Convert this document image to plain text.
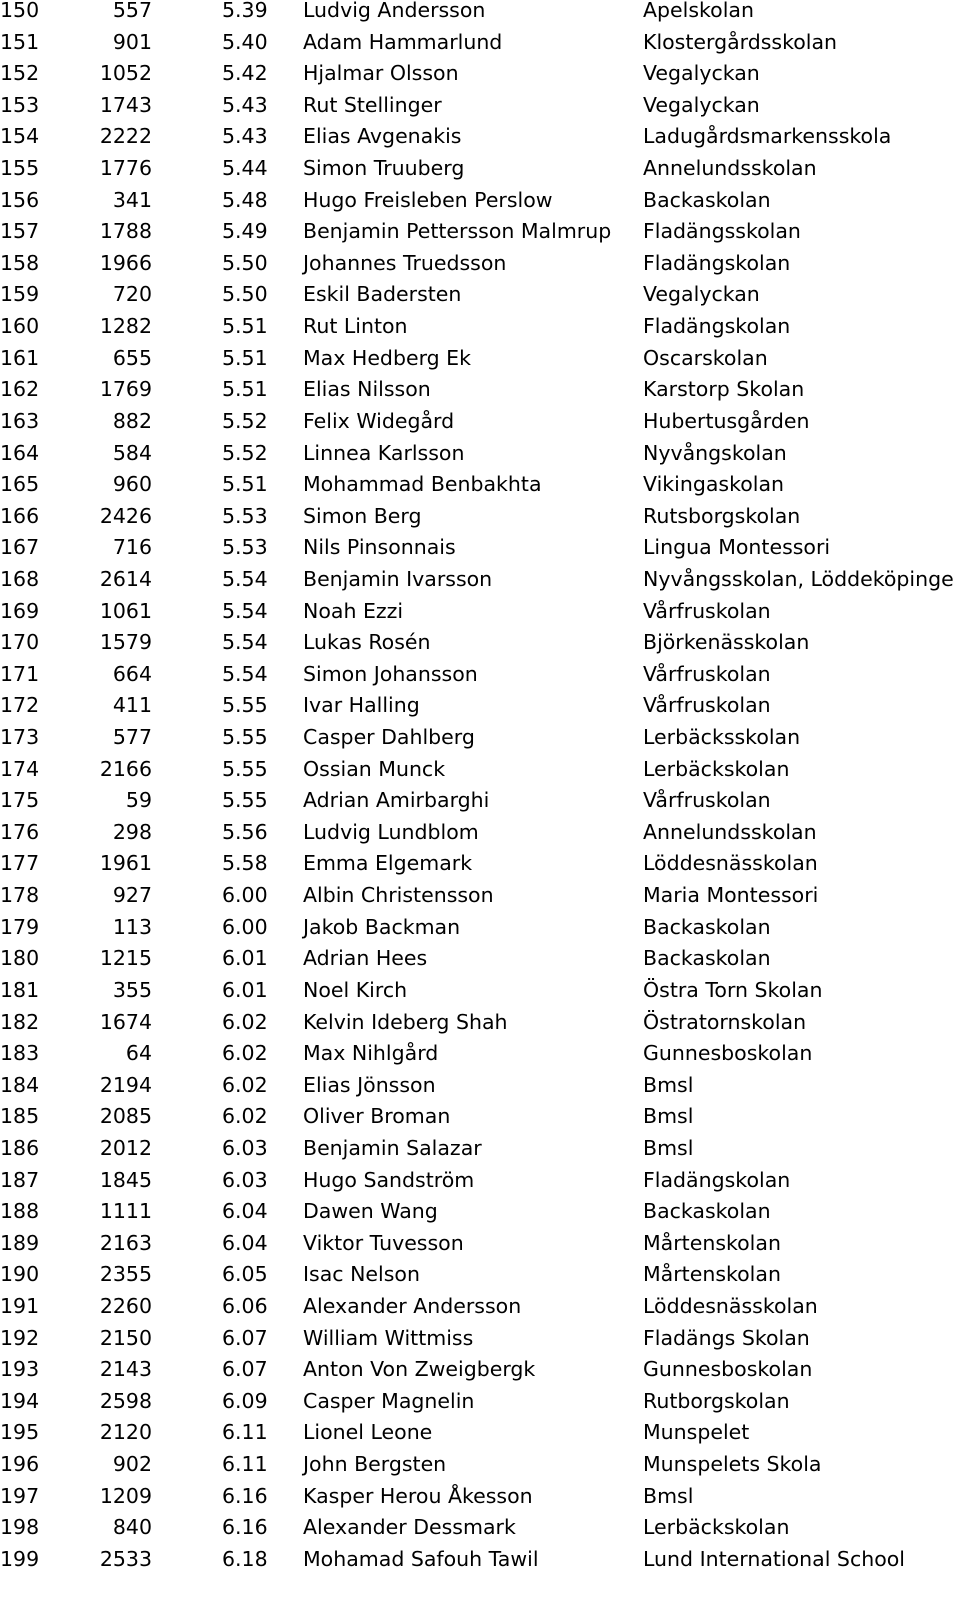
150	557	5.39	Ludvig Andersson	Apelskolan
151	901	5.40	Adam Hammarlund	Klostergårdsskolan
152	1052	5.42	Hjalmar Olsson	Vegalyckan
153	1743	5.43	Rut Stellinger	Vegalyckan
154	2222	5.43	Elias Avgenakis	Ladugårdsmarkensskola
155	1776	5.44	Simon Truuberg	Annelundsskolan
156	341	5.48	Hugo Freisleben Perslow	Backaskolan
157	1788	5.49	Benjamin Pettersson Malmrup	Fladängsskolan
158	1966	5.50	Johannes Truedsson	Fladängskolan
159	720	5.50	Eskil Badersten	Vegalyckan
160	1282	5.51	Rut Linton	Fladängskolan
161	655	5.51	Max Hedberg Ek	Oscarskolan
162	1769	5.51	Elias Nilsson	Karstorp Skolan
163	882	5.52	Felix Widegård	Hubertusgården
164	584	5.52	Linnea Karlsson	Nyvångskolan
165	960	5.51	Mohammad Benbakhta	Vikingaskolan
166	2426	5.53	Simon Berg	Rutsborgskolan
167	716	5.53	Nils Pinsonnais	Lingua Montessori
168	2614	5.54	Benjamin Ivarsson	Nyvångsskolan, Löddeköpinge
169	1061	5.54	Noah Ezzi	Vårfruskolan
170	1579	5.54	Lukas Rosén	Björkenässkolan
171	664	5.54	Simon Johansson	Vårfruskolan
172	411	5.55	Ivar Halling	Vårfruskolan
173	577	5.55	Casper Dahlberg	Lerbäcksskolan
174	2166	5.55	Ossian Munck	Lerbäckskolan
175	59	5.55	Adrian Amirbarghi	Vårfruskolan
176	298	5.56	Ludvig Lundblom	Annelundsskolan
177	1961	5.58	Emma Elgemark	Löddesnässkolan
178	927	6.00	Albin Christensson	Maria Montessori
179	113	6.00	Jakob Backman	Backaskolan
180	1215	6.01	Adrian Hees	Backaskolan
181	355	6.01	Noel Kirch	Östra Torn Skolan
182	1674	6.02	Kelvin Ideberg Shah	Östratornskolan
183	64	6.02	Max Nihlgård	Gunnesboskolan
184	2194	6.02	Elias Jönsson	Bmsl
185	2085	6.02	Oliver Broman	Bmsl
186	2012	6.03	Benjamin Salazar	Bmsl
187	1845	6.03	Hugo Sandström	Fladängskolan
188	1111	6.04	Dawen Wang	Backaskolan
189	2163	6.04	Viktor Tuvesson	Mårtenskolan
190	2355	6.05	Isac Nelson	Mårtenskolan
191	2260	6.06	Alexander Andersson	Löddesnässkolan
192	2150	6.07	William Wittmiss	Fladängs Skolan
193	2143	6.07	Anton Von Zweigbergk	Gunnesboskolan
194	2598	6.09	Casper Magnelin	Rutborgskolan
195	2120	6.11	Lionel Leone	Munspelet
196	902	6.11	John Bergsten	Munspelets Skola
197	1209	6.16	Kasper Herou Åkesson	Bmsl
198	840	6.16	Alexander Dessmark	Lerbäckskolan
199	2533	6.18	Mohamad Safouh Tawil	Lund International School
